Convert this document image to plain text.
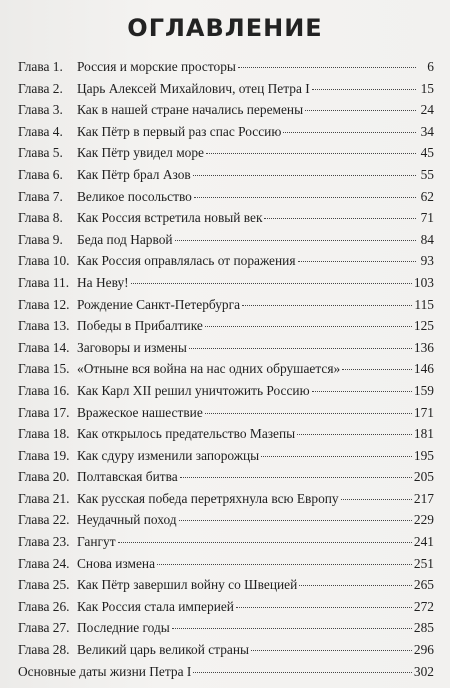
ОГЛАВЛЕНИЕ
Глава 1.	Россия и морские просторы	6
Глава 2.	Царь Алексей Михайлович, отец Петра I	15
Глава 3.	Как в нашей стране начались перемены	24
Глава 4.	Как Пётр в первый раз спас Россию	34
Глава 5.	Как Пётр увидел море	45
Глава 6.	Как Пётр брал Азов	55
Глава 7.	Великое посольство	62
Глава 8.	Как Россия встретила новый век	71
Глава 9.	Беда под Нарвой	84
Глава 10. Как Россия оправлялась от поражения	93
Глава 11. На Неву!	103
Глава 12. Рождение Санкт-Петербурга	115
Глава 13. Победы в Прибалтике	125
Глава 14. Заговоры и измены	136
Глава 15. «Отныне вся война на нас одних обрушается»	146
Глава 16. Как Карл XII решил уничтожить Россию	159
Глава 17. Вражеское нашествие	171
Глава 18. Как открылось предательство Мазепы	181
Глава 19. Как сдуру изменили запорожцы	195
Глава 20. Полтавская битва	205
Глава 21. Как русская победа перетряхнула всю Европу	217
Глава 22. Неудачный поход	229
Глава 23. Гангут	241
Глава 24. Снова измена	251
Глава 25. Как Пётр завершил войну со Швецией	265
Глава 26. Как Россия стала империей	272
Глава 27. Последние годы	285
Глава 28. Великий царь великой страны	296
Основные даты жизни Петра I	302
